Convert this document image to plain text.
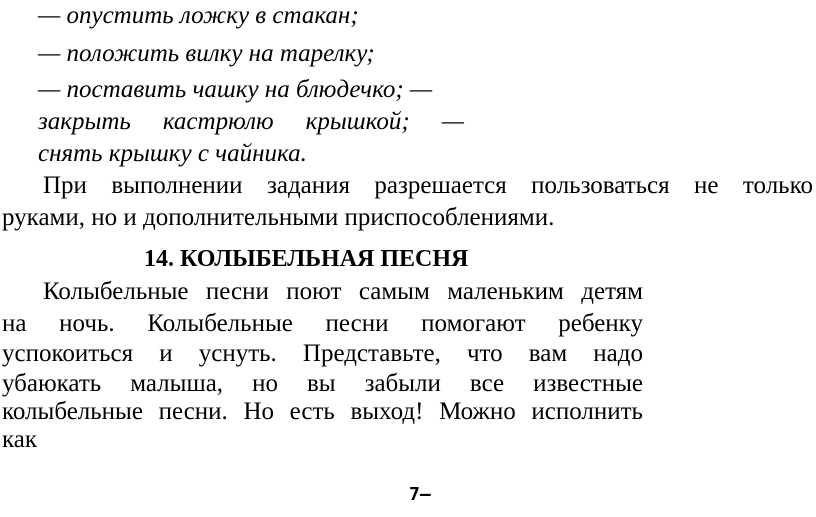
— опустить ложку в стакан;
— положить вилку на тарелку;
— поставить чашку на блюдечко; —
закрыть кастрюлю крышкой; —
снять крышку с чайника.
При выполнении задания разрешается пользоваться не только
руками, но и дополнительными приспособлениями.
14. КОЛЫБЕЛЬНАЯ ПЕСНЯ
Колыбельные песни поют самым маленьким детям
на ночь. Колыбельные песни помогают ребенку
успокоиться и уснуть. Представьте, что вам надо
убаюкать малыша, но вы забыли все известные
колыбельные песни. Но есть выход! Можно исполнить
как
7–
